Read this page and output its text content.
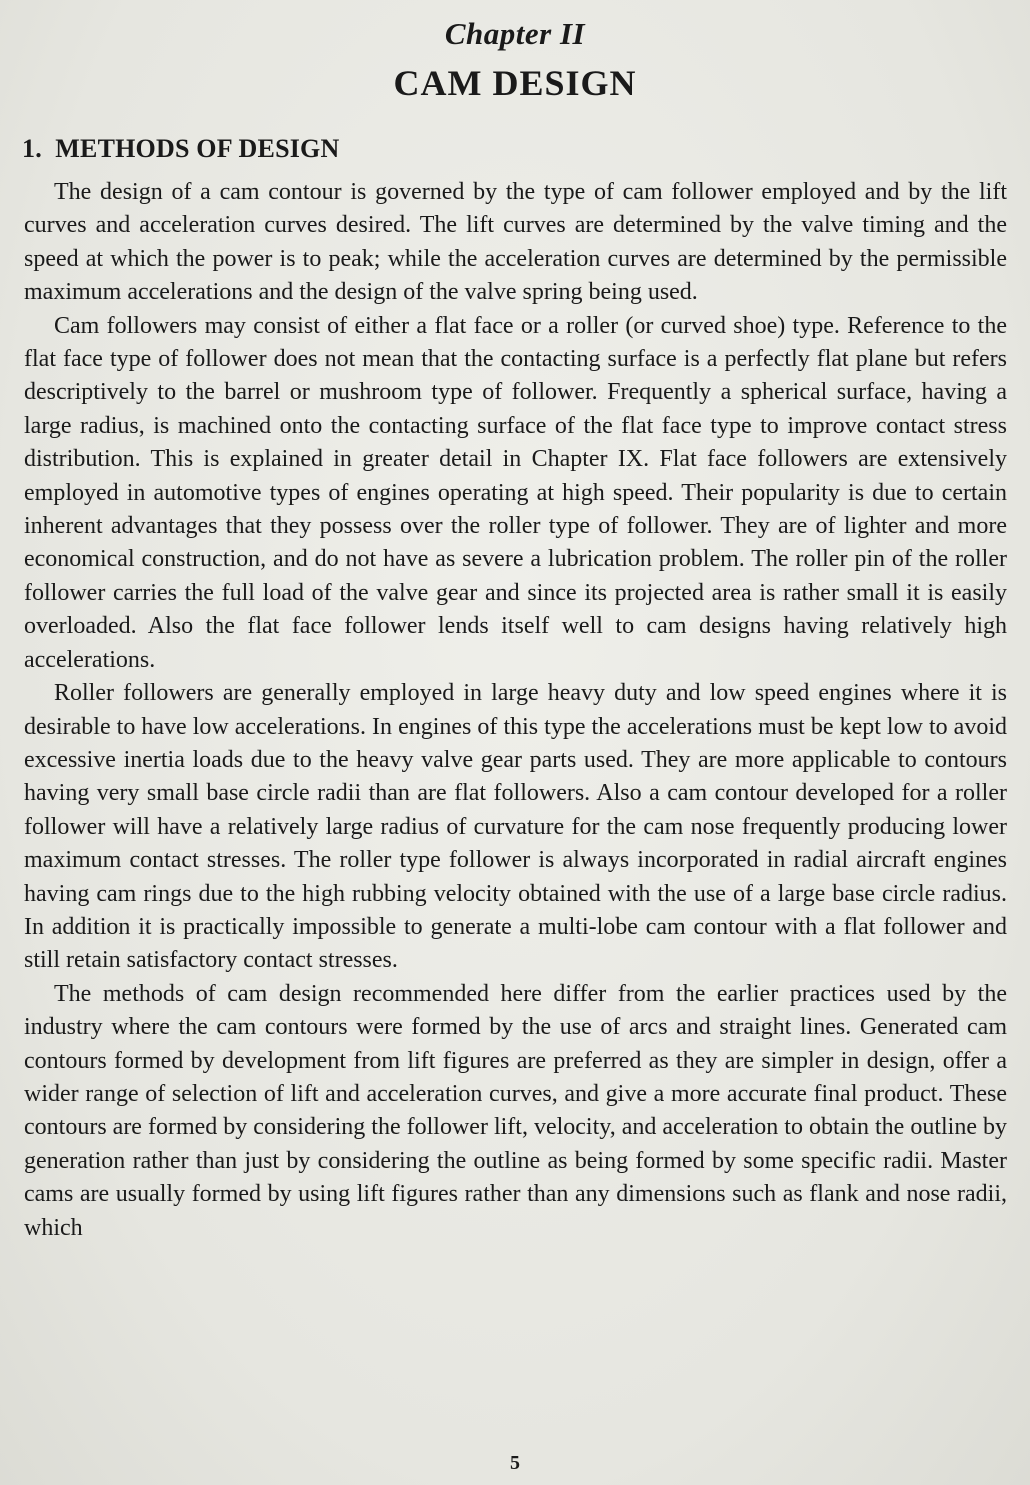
Chapter II
CAM DESIGN
1.  METHODS OF DESIGN

The design of a cam contour is governed by the type of cam follower employed and by the lift curves and acceleration curves desired. The lift curves are determined by the valve timing and the speed at which the power is to peak; while the acceleration curves are determined by the permissible maximum accelerations and the design of the valve spring being used.

Cam followers may consist of either a flat face or a roller (or curved shoe) type. Reference to the flat face type of follower does not mean that the contacting surface is a perfectly flat plane but refers descriptively to the barrel or mushroom type of follower. Frequently a spherical surface, having a large radius, is machined onto the contacting surface of the flat face type to improve contact stress distribution. This is explained in greater detail in Chapter IX. Flat face followers are extensively employed in automotive types of engines operating at high speed. Their popularity is due to certain inherent advantages that they possess over the roller type of follower. They are of lighter and more economical construction, and do not have as severe a lubrication problem. The roller pin of the roller follower carries the full load of the valve gear and since its projected area is rather small it is easily overloaded. Also the flat face follower lends itself well to cam designs having relatively high accelerations.

Roller followers are generally employed in large heavy duty and low speed engines where it is desirable to have low accelerations. In engines of this type the accelerations must be kept low to avoid excessive inertia loads due to the heavy valve gear parts used. They are more applicable to contours having very small base circle radii than are flat followers. Also a cam contour developed for a roller follower will have a relatively large radius of curvature for the cam nose frequently producing lower maximum contact stresses. The roller type follower is always incorporated in radial aircraft engines having cam rings due to the high rubbing velocity obtained with the use of a large base circle radius. In addition it is practically impossible to generate a multi-lobe cam contour with a flat follower and still retain satisfactory contact stresses.

The methods of cam design recommended here differ from the earlier practices used by the industry where the cam contours were formed by the use of arcs and straight lines. Generated cam contours formed by development from lift figures are preferred as they are simpler in design, offer a wider range of selection of lift and acceleration curves, and give a more accurate final product. These contours are formed by considering the follower lift, velocity, and acceleration to obtain the outline by generation rather than just by considering the outline as being formed by some specific radii. Master cams are usually formed by using lift figures rather than any dimensions such as flank and nose radii, which

5
